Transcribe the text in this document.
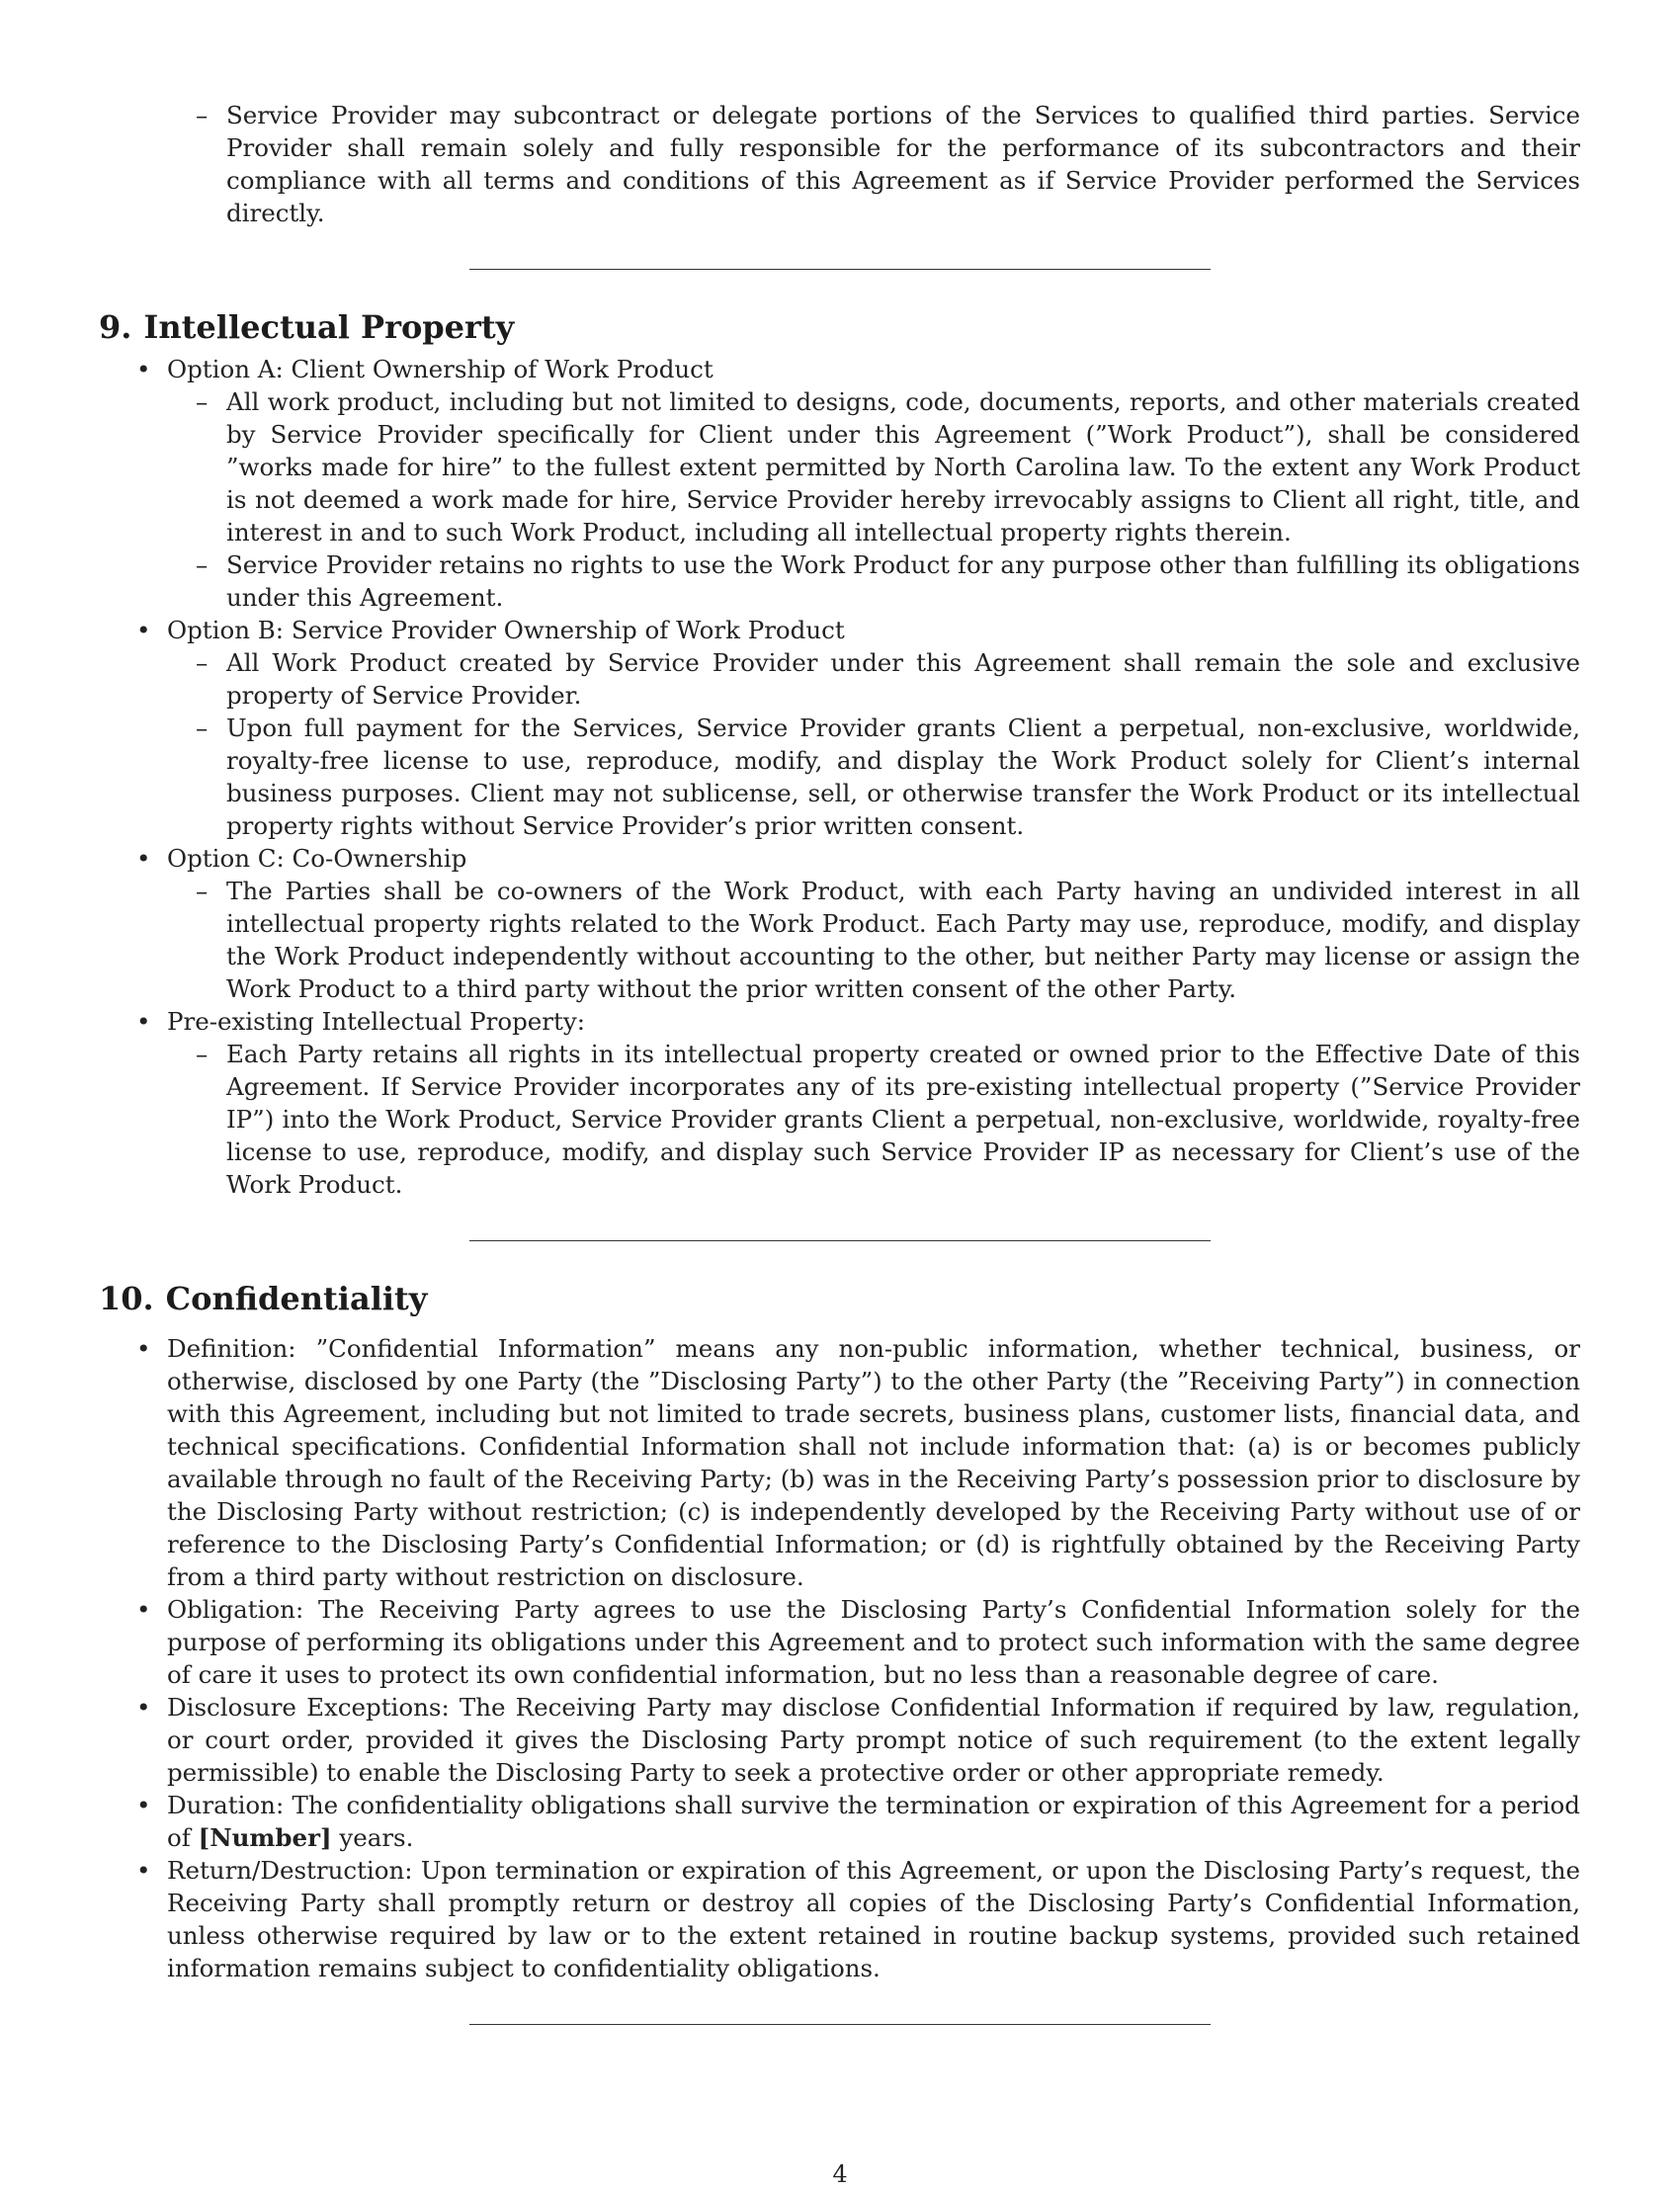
– Service Provider may subcontract or delegate portions of the Services to qualified third parties. Service Provider shall remain solely and fully responsible for the performance of its subcontractors and their compliance with all terms and conditions of this Agreement as if Service Provider performed the Services directly.

9. Intellectual Property
• Option A: Client Ownership of Work Product

– All work product, including but not limited to designs, code, documents, reports, and other materials created by Service Provider specifically for Client under this Agreement (”Work Product”), shall be considered ”works made for hire” to the fullest extent permitted by North Carolina law. To the extent any Work Product is not deemed a work made for hire, Service Provider hereby irrevocably assigns to Client all right, title, and interest in and to such Work Product, including all intellectual property rights therein.

– Service Provider retains no rights to use the Work Product for any purpose other than fulfilling its obligations under this Agreement.

• Option B: Service Provider Ownership of Work Product

– All Work Product created by Service Provider under this Agreement shall remain the sole and exclusive property of Service Provider.

– Upon full payment for the Services, Service Provider grants Client a perpetual, non-exclusive, worldwide, royalty-free license to use, reproduce, modify, and display the Work Product solely for Client’s internal business purposes. Client may not sublicense, sell, or otherwise transfer the Work Product or its intellectual property rights without Service Provider’s prior written consent.

• Option C: Co-Ownership

– The Parties shall be co-owners of the Work Product, with each Party having an undivided interest in all intellectual property rights related to the Work Product. Each Party may use, reproduce, modify, and display the Work Product independently without accounting to the other, but neither Party may license or assign the Work Product to a third party without the prior written consent of the other Party.

• Pre-existing Intellectual Property:

– Each Party retains all rights in its intellectual property created or owned prior to the Effective Date of this Agreement. If Service Provider incorporates any of its pre-existing intellectual property (”Service Provider IP”) into the Work Product, Service Provider grants Client a perpetual, non-exclusive, worldwide, royalty-free license to use, reproduce, modify, and display such Service Provider IP as necessary for Client’s use of the Work Product.

10. Confidentiality
• Definition: ”Confidential Information” means any non-public information, whether technical, business, or otherwise, disclosed by one Party (the ”Disclosing Party”) to the other Party (the ”Receiving Party”) in connection with this Agreement, including but not limited to trade secrets, business plans, customer lists, financial data, and technical specifications. Confidential Information shall not include information that: (a) is or becomes publicly available through no fault of the Receiving Party; (b) was in the Receiving Party’s possession prior to disclosure by the Disclosing Party without restriction; (c) is independently developed by the Receiving Party without use of or reference to the Disclosing Party’s Confidential Information; or (d) is rightfully obtained by the Receiving Party from a third party without restriction on disclosure.

• Obligation: The Receiving Party agrees to use the Disclosing Party’s Confidential Information solely for the purpose of performing its obligations under this Agreement and to protect such information with the same degree of care it uses to protect its own confidential information, but no less than a reasonable degree of care.

• Disclosure Exceptions: The Receiving Party may disclose Confidential Information if required by law, regulation, or court order, provided it gives the Disclosing Party prompt notice of such requirement (to the extent legally permissible) to enable the Disclosing Party to seek a protective order or other appropriate remedy.

• Duration: The confidentiality obligations shall survive the termination or expiration of this Agreement for a period of [Number] years.

• Return/Destruction: Upon termination or expiration of this Agreement, or upon the Disclosing Party’s request, the Receiving Party shall promptly return or destroy all copies of the Disclosing Party’s Confidential Information, unless otherwise required by law or to the extent retained in routine backup systems, provided such retained information remains subject to confidentiality obligations.

4
